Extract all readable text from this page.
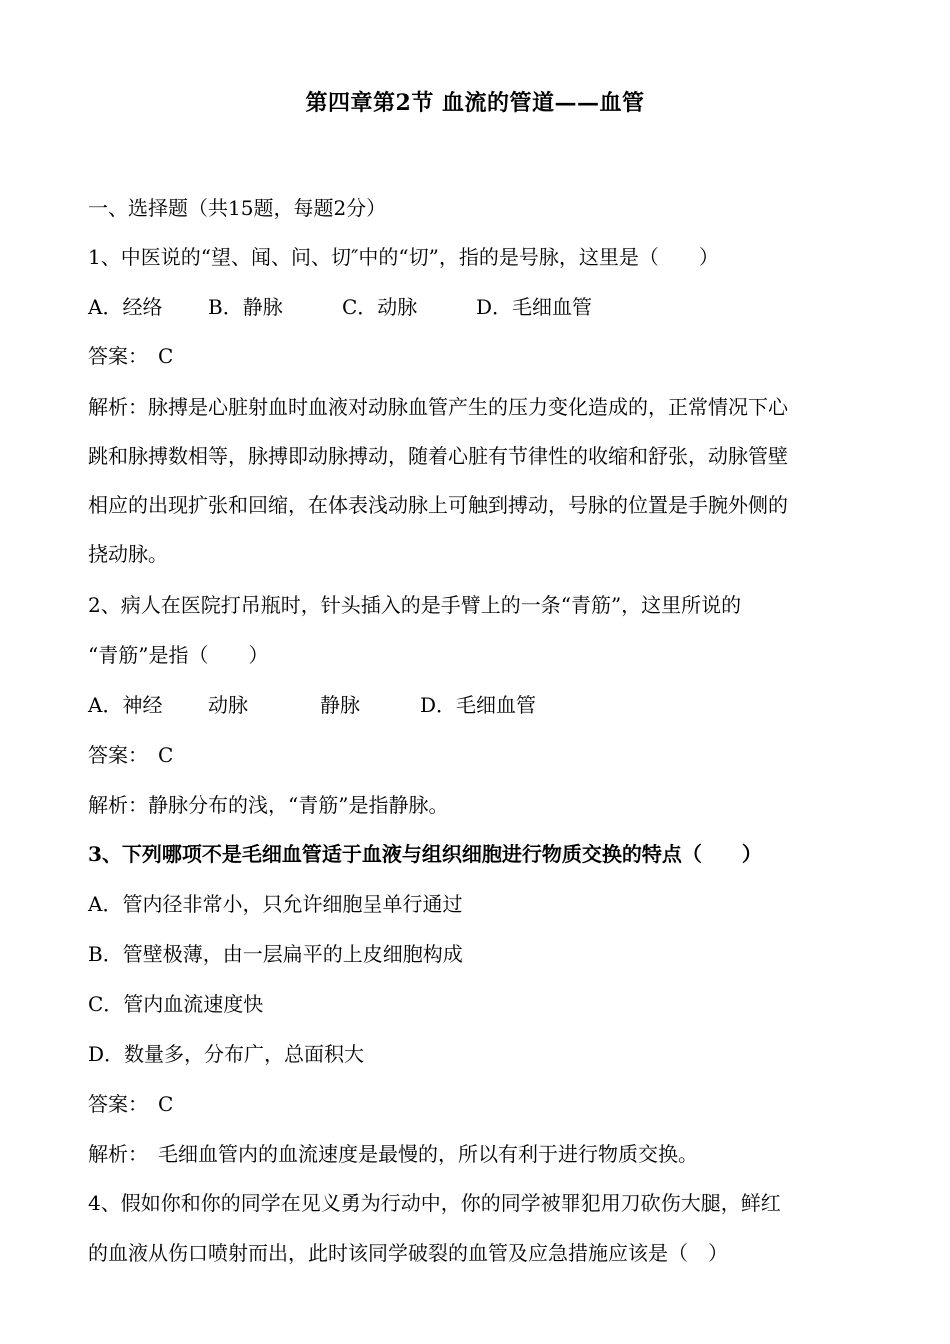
第四章第2节 血流的管道——血管
一、选择题（共15题，每题2分）
1、中医说的“望、闻、问、切″中的“切”，指的是号脉，这里是（　　）
A．经络 B．静脉	C．动脉	D．毛细血管
答案：　C
解析：脉搏是心脏射血时血液对动脉血管产生的压力变化造成的，正常情况下心
跳和脉搏数相等，脉搏即动脉搏动，随着心脏有节律性的收缩和舒张，动脉管壁
相应的出现扩张和回缩，在体表浅动脉上可触到搏动，号脉的位置是手腕外侧的
挠动脉。
2、病人在医院打吊瓶时，针头插入的是手臂上的一条“青筋”，这里所说的
“青筋”是指（　　）
A．神经 动脉	静脉	D．毛细血管
答案：　C
解析：静脉分布的浅，“青筋”是指静脉。
3、下列哪项不是毛细血管适于血液与组织细胞进行物质交换的特点（　　）
A．管内径非常小，只允许细胞呈单行通过
B．管壁极薄，由一层扁平的上皮细胞构成
C．管内血流速度快
D．数量多，分布广，总面积大
答案：　C
解析：　毛细血管内的血流速度是最慢的，所以有利于进行物质交换。
4、假如你和你的同学在见义勇为行动中，你的同学被罪犯用刀砍伤大腿，鲜红
的血液从伤口喷射而出，此时该同学破裂的血管及应急措施应该是（　）
